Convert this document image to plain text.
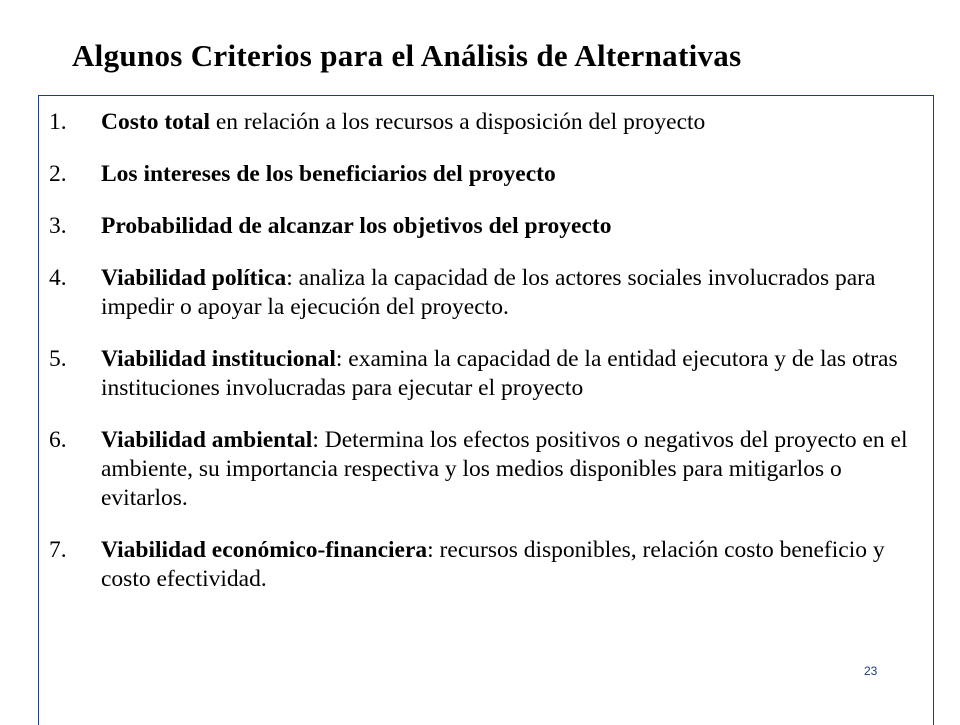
Algunos Criterios para el Análisis de Alternativas
1.	Costo total en relación a los recursos a disposición del proyecto
2.	Los intereses de los beneficiarios del proyecto
3.	Probabilidad de alcanzar los objetivos del proyecto
4.	Viabilidad política: analiza la capacidad de los actores sociales involucrados para impedir o apoyar la ejecución del proyecto.
5.	Viabilidad institucional: examina la capacidad de la entidad ejecutora y de las otras instituciones involucradas para ejecutar el proyecto
6.	Viabilidad ambiental: Determina los efectos positivos o negativos del proyecto en el ambiente, su importancia respectiva y los medios disponibles para mitigarlos o evitarlos.
7.	Viabilidad económico-financiera: recursos disponibles, relación costo beneficio y costo efectividad.
23
